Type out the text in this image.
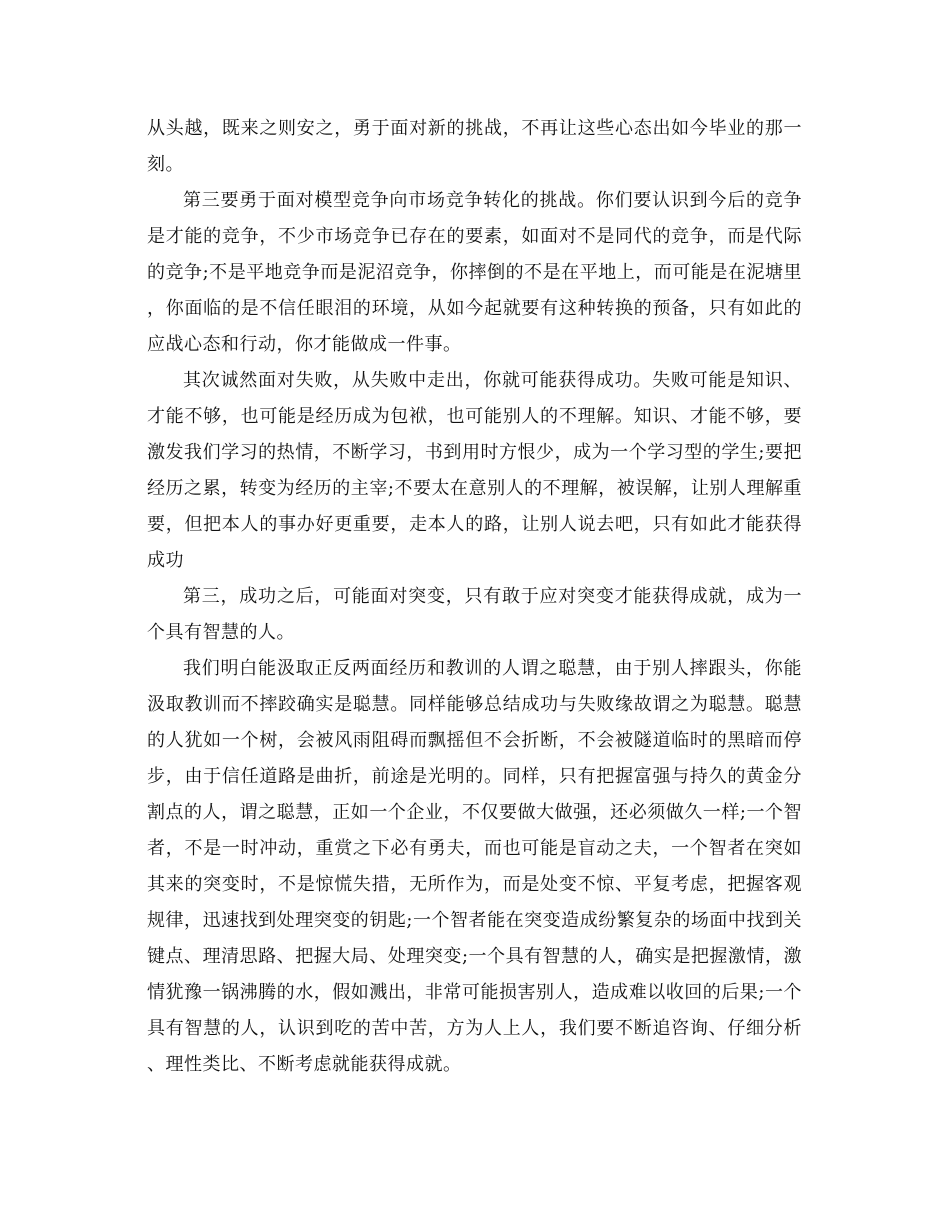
从头越，既来之则安之，勇于面对新的挑战，不再让这些心态出如今毕业的那一刻。

第三要勇于面对模型竞争向市场竞争转化的挑战。你们要认识到今后的竞争是才能的竞争，不少市场竞争已存在的要素，如面对不是同代的竞争，而是代际的竞争;不是平地竞争而是泥沼竞争，你摔倒的不是在平地上，而可能是在泥塘里，你面临的是不信任眼泪的环境，从如今起就要有这种转换的预备，只有如此的应战心态和行动，你才能做成一件事。

其次诚然面对失败，从失败中走出，你就可能获得成功。失败可能是知识、才能不够，也可能是经历成为包袱，也可能别人的不理解。知识、才能不够，要激发我们学习的热情，不断学习，书到用时方恨少，成为一个学习型的学生;要把经历之累，转变为经历的主宰;不要太在意别人的不理解，被误解，让别人理解重要，但把本人的事办好更重要，走本人的路，让别人说去吧，只有如此才能获得成功

第三，成功之后，可能面对突变，只有敢于应对突变才能获得成就，成为一个具有智慧的人。

我们明白能汲取正反两面经历和教训的人谓之聪慧，由于别人摔跟头，你能汲取教训而不摔跤确实是聪慧。同样能够总结成功与失败缘故谓之为聪慧。聪慧的人犹如一个树，会被风雨阻碍而飘摇但不会折断，不会被隧道临时的黑暗而停步，由于信任道路是曲折，前途是光明的。同样，只有把握富强与持久的黄金分割点的人，谓之聪慧，正如一个企业，不仅要做大做强，还必须做久一样;一个智者，不是一时冲动，重赏之下必有勇夫，而也可能是盲动之夫，一个智者在突如其来的突变时，不是惊慌失措，无所作为，而是处变不惊、平复考虑，把握客观规律，迅速找到处理突变的钥匙;一个智者能在突变造成纷繁复杂的场面中找到关键点、理清思路、把握大局、处理突变;一个具有智慧的人，确实是把握激情，激情犹豫一锅沸腾的水，假如溅出，非常可能损害别人，造成难以收回的后果;一个具有智慧的人，认识到吃的苦中苦，方为人上人，我们要不断追咨询、仔细分析、理性类比、不断考虑就能获得成就。
